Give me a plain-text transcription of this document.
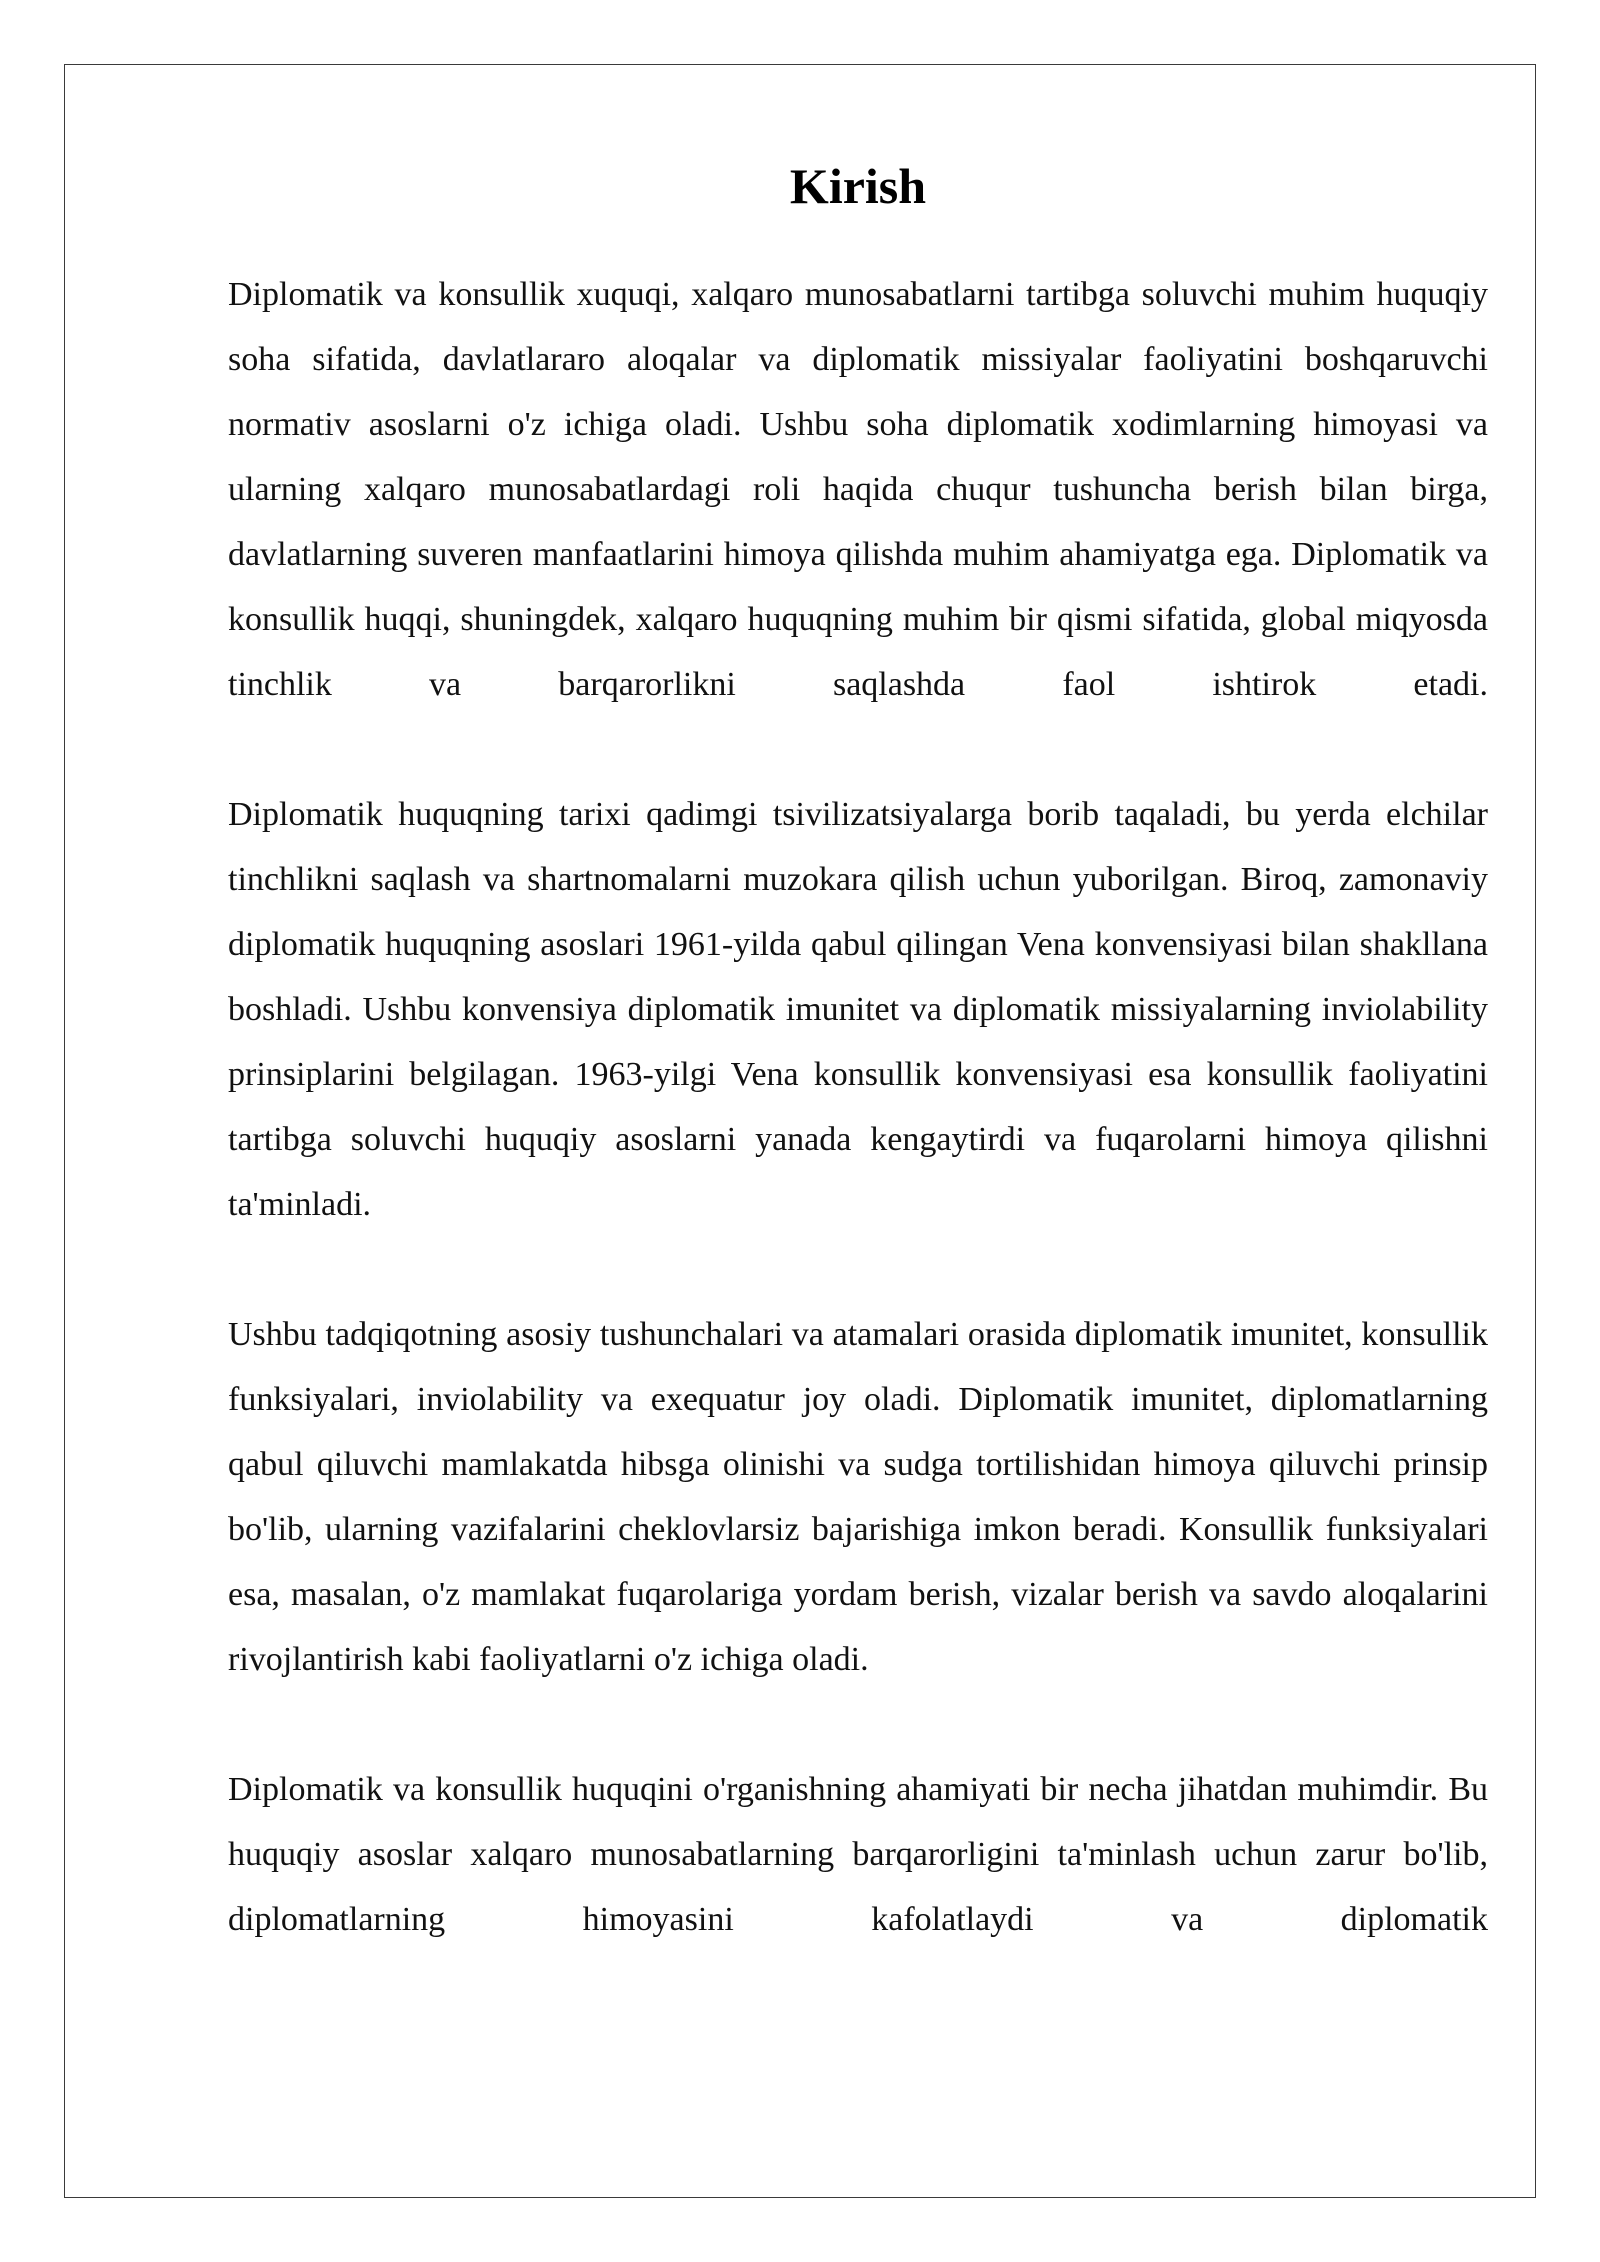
Kirish

Diplomatik va konsullik xuquqi, xalqaro munosabatlarni tartibga soluvchi muhim huquqiy soha sifatida, davlatlararo aloqalar va diplomatik missiyalar faoliyatini boshqaruvchi normativ asoslarni o'z ichiga oladi. Ushbu soha diplomatik xodimlarning himoyasi va ularning xalqaro munosabatlardagi roli haqida chuqur tushuncha berish bilan birga, davlatlarning suveren manfaatlarini himoya qilishda muhim ahamiyatga ega. Diplomatik va konsullik huqqi, shuningdek, xalqaro huquqning muhim bir qismi sifatida, global miqyosda tinchlik va barqarorlikni saqlashda faol ishtirok etadi.

Diplomatik huquqning tarixi qadimgi tsivilizatsiyalarga borib taqaladi, bu yerda elchilar tinchlikni saqlash va shartnomalarni muzokara qilish uchun yuborilgan. Biroq, zamonaviy diplomatik huquqning asoslari 1961-yilda qabul qilingan Vena konvensiyasi bilan shakllana boshladi. Ushbu konvensiya diplomatik imunitet va diplomatik missiyalarning inviolability prinsiplarini belgilagan. 1963-yilgi Vena konsullik konvensiyasi esa konsullik faoliyatini tartibga soluvchi huquqiy asoslarni yanada kengaytirdi va fuqarolarni himoya qilishni ta'minladi.

Ushbu tadqiqotning asosiy tushunchalari va atamalari orasida diplomatik imunitet, konsullik funksiyalari, inviolability va exequatur joy oladi. Diplomatik imunitet, diplomatlarning qabul qiluvchi mamlakatda hibsga olinishi va sudga tortilishidan himoya qiluvchi prinsip bo'lib, ularning vazifalarini cheklovlarsiz bajarishiga imkon beradi. Konsullik funksiyalari esa, masalan, o'z mamlakat fuqarolariga yordam berish, vizalar berish va savdo aloqalarini rivojlantirish kabi faoliyatlarni o'z ichiga oladi.

Diplomatik va konsullik huquqini o'rganishning ahamiyati bir necha jihatdan muhimdir. Bu huquqiy asoslar xalqaro munosabatlarning barqarorligini ta'minlash uchun zarur bo'lib, diplomatlarning himoyasini kafolatlaydi va diplomatik
